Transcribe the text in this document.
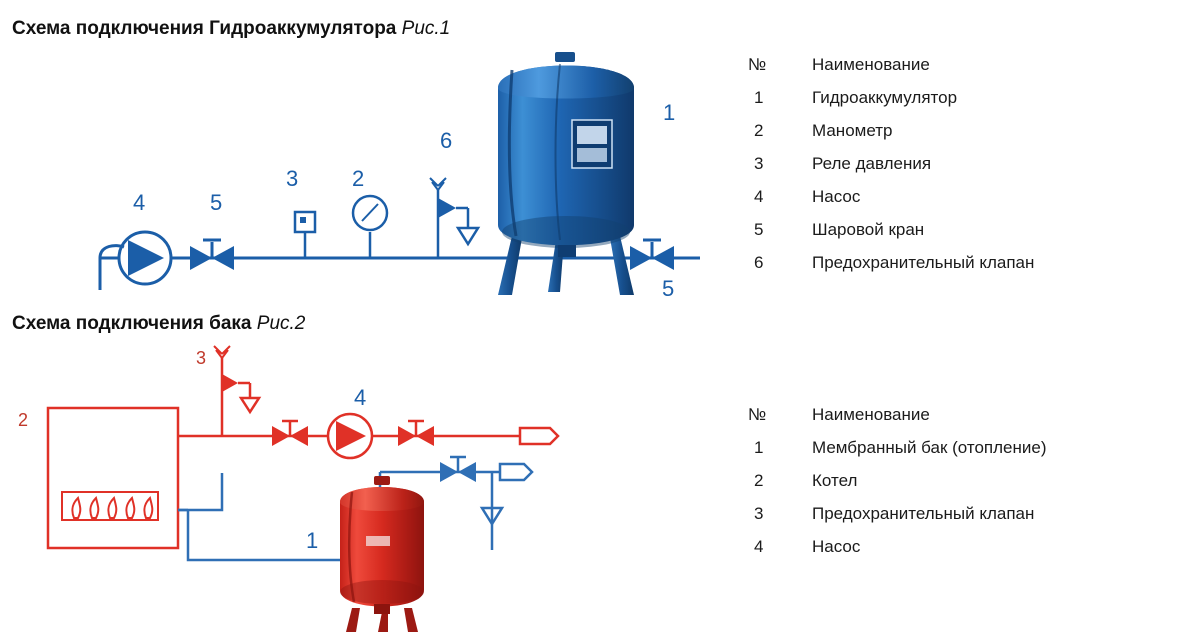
Схема подключения Гидроаккумулятора Рис.1
1
2
3
4	5
5
6
Схема подключения бака Рис.2
3
2
4
1
№	Наименование
1	Гидроаккумулятор
2	Манометр
3	Реле давления
4	Насос
5	Шаровой кран
6	Предохранительный клапан
№	Наименование
1	Мембранный бак (отопление)
2	Котел
3	Предохранительный клапан
4	Насос
